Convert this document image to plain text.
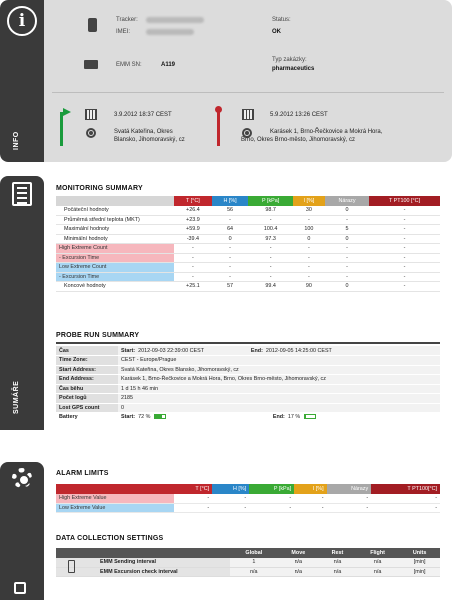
i
INFO
Tracker:
IMEI:
Status:
OK
EMM SN:	A119
Typ zakázky:
pharmaceutics
3.9.2012 18:37 CEST
Svatá Kateřina, Okres
Blansko, Jihomoravský, cz
5.9.2012 13:26 CEST
Karásek 1, Brno-Řečkovice a Mokrá Hora,
Brno, Okres Brno-město, Jihomoravský, cz
SUMÁŘE
MONITORING SUMMARY
	T [°C]	H [%]	P [kPa]	I [%]	Nárazy	T PT100 [°C]
Počáteční hodnoty	+26.4	56	98.7	30	0	-
Průměrná střední teplota (MKT)	+23.9	-	-	-	-	-
Maximální hodnoty	+59.9	64	100.4	100	5	-
Minimální hodnoty	-39.4	0	97.3	0	0	-
High Extreme Count	-	-	-	-	-	-
- Excursion Time	-	-	-	-	-	-
Low Extreme Count	-	-	-	-	-	-
- Excursion Time	-	-	-	-	-	-
Koncové hodnoty	+25.1	57	99.4	90	0	-
PROBE RUN SUMMARY
Čas	Start: 2012-09-03 22:39:00 CEST End: 2012-09-05 14:25:00 CEST
Time Zone:	CEST - Europe/Prague
Start Address:	Svatá Kateřina, Okres Blansko, Jihomoravský, cz
End Address:	Karásek 1, Brno-Řečkovice a Mokrá Hora, Brno, Okres Brno-město, Jihomoravský, cz
Čas běhu	1 d 15 h 46 min
Počet logů	2185
Lost GPS count	0
Battery	Start: 72 % End: 17 %
ALARM LIMITS
	T [°C]	H [%]	P [kPa]	I [%]	Nárazy	T PT100[°C]
High Extreme Value	-	-	-	-	-	-
Low Extreme Value	-	-	-	-	-	-
DATA COLLECTION SETTINGS
	Global	Move	Rest	Flight	Units
EMM Sending interval	1	n/a	n/a	n/a	[min]
EMM Excursion check interval	n/a	n/a	n/a	n/a	[min]
